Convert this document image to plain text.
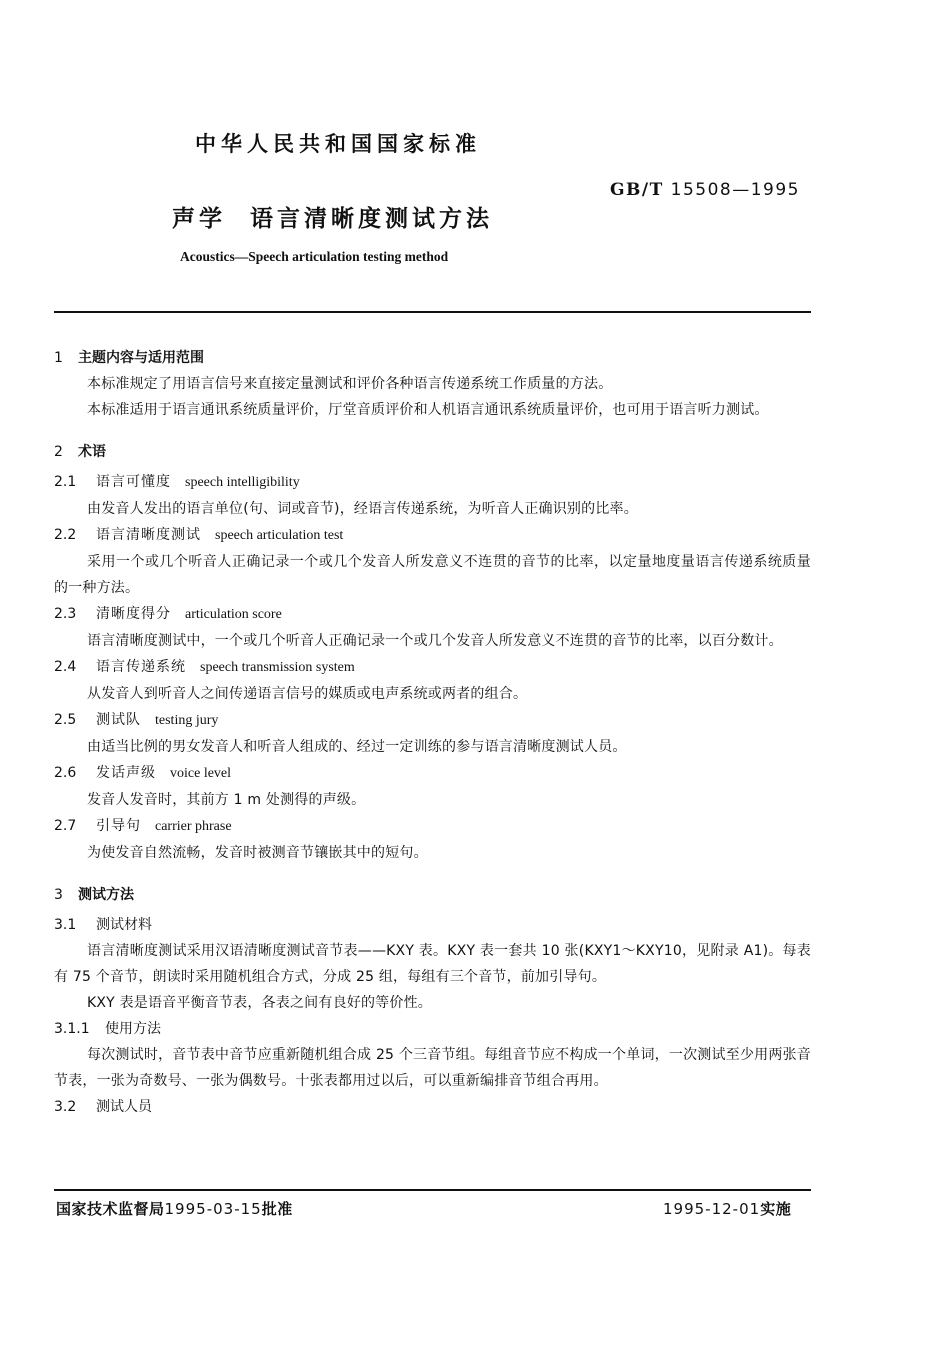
中华人民共和国国家标准
GB/T 15508—1995
声学 语言清晰度测试方法
Acoustics—Speech articulation testing method
1 主题内容与适用范围
本标准规定了用语言信号来直接定量测试和评价各种语言传递系统工作质量的方法。
本标准适用于语言通讯系统质量评价，厅堂音质评价和人机语言通讯系统质量评价，也可用于语言听力测试。
2 术语
2.1 语言可懂度 speech intelligibility
由发音人发出的语言单位(句、词或音节)，经语言传递系统，为听音人正确识别的比率。
2.2 语言清晰度测试 speech articulation test
采用一个或几个听音人正确记录一个或几个发音人所发意义不连贯的音节的比率，以定量地度量语言传递系统质量的一种方法。
2.3 清晰度得分 articulation score
语言清晰度测试中，一个或几个听音人正确记录一个或几个发音人所发意义不连贯的音节的比率，以百分数计。
2.4 语言传递系统 speech transmission system
从发音人到听音人之间传递语言信号的媒质或电声系统或两者的组合。
2.5 测试队 testing jury
由适当比例的男女发音人和听音人组成的、经过一定训练的参与语言清晰度测试人员。
2.6 发话声级 voice level
发音人发音时，其前方 1 m 处测得的声级。
2.7 引导句 carrier phrase
为使发音自然流畅，发音时被测音节镶嵌其中的短句。
3 测试方法
3.1 测试材料
语言清晰度测试采用汉语清晰度测试音节表——KXY 表。KXY 表一套共 10 张(KXY1～KXY10，见附录 A1)。每表有 75 个音节，朗读时采用随机组合方式，分成 25 组，每组有三个音节，前加引导句。
KXY 表是语音平衡音节表，各表之间有良好的等价性。
3.1.1 使用方法
每次测试时，音节表中音节应重新随机组合成 25 个三音节组。每组音节应不构成一个单词，一次测试至少用两张音节表，一张为奇数号、一张为偶数号。十张表都用过以后，可以重新编排音节组合再用。
3.2 测试人员
国家技术监督局1995-03-15批准	1995-12-01实施
